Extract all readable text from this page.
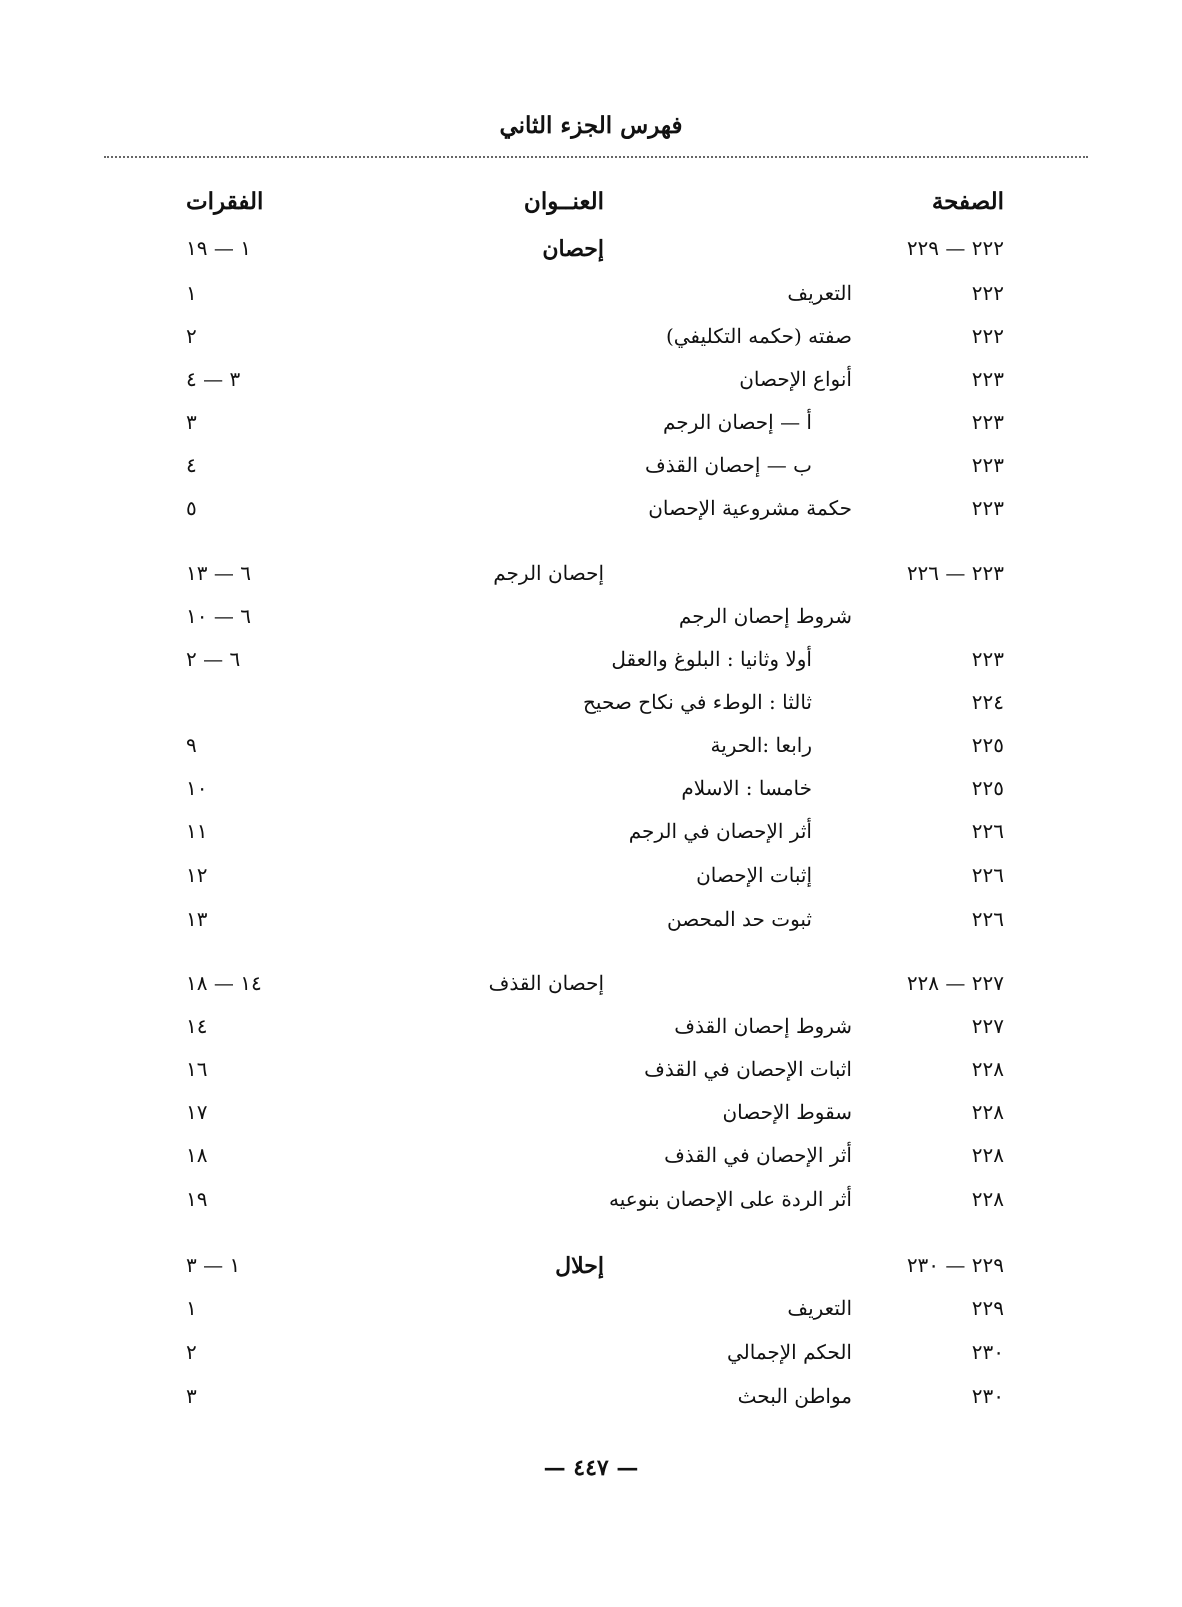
فهرس الجزء الثاني
الصفحة
العنــوان
الفقرات
٢٢٢ — ٢٢٩
إحصان
١ — ١٩
٢٢٢
التعريف
١
٢٢٢
صفته (حكمه التكليفي)
٢
٢٢٣
أنواع الإحصان
٣ — ٤
٢٢٣
أ — إحصان الرجم
٣
٢٢٣
ب — إحصان القذف
٤
٢٢٣
حكمة مشروعية الإحصان
٥
٢٢٣ — ٢٢٦
إحصان الرجم
٦ — ١٣
شروط إحصان الرجم
٦ — ١٠
٢٢٣
أولا وثانيا : البلوغ والعقل
٦ — ٢
٢٢٤
ثالثا : الوطء في نكاح صحيح
٢٢٥
رابعا :الحرية
٩
٢٢٥
خامسا : الاسلام
١٠
٢٢٦
أثر الإحصان في الرجم
١١
٢٢٦
إثبات الإحصان
١٢
٢٢٦
ثبوت حد المحصن
١٣
٢٢٧ — ٢٢٨
إحصان القذف
١٤ — ١٨
٢٢٧
شروط إحصان القذف
١٤
٢٢٨
اثبات الإحصان في القذف
١٦
٢٢٨
سقوط الإحصان
١٧
٢٢٨
أثر الإحصان في القذف
١٨
٢٢٨
أثر الردة على الإحصان بنوعيه
١٩
٢٢٩ — ٢٣٠
إحلال
١ — ٣
٢٢٩
التعريف
١
٢٣٠
الحكم الإجمالي
٢
٢٣٠
مواطن البحث
٣
— ٤٤٧ —
